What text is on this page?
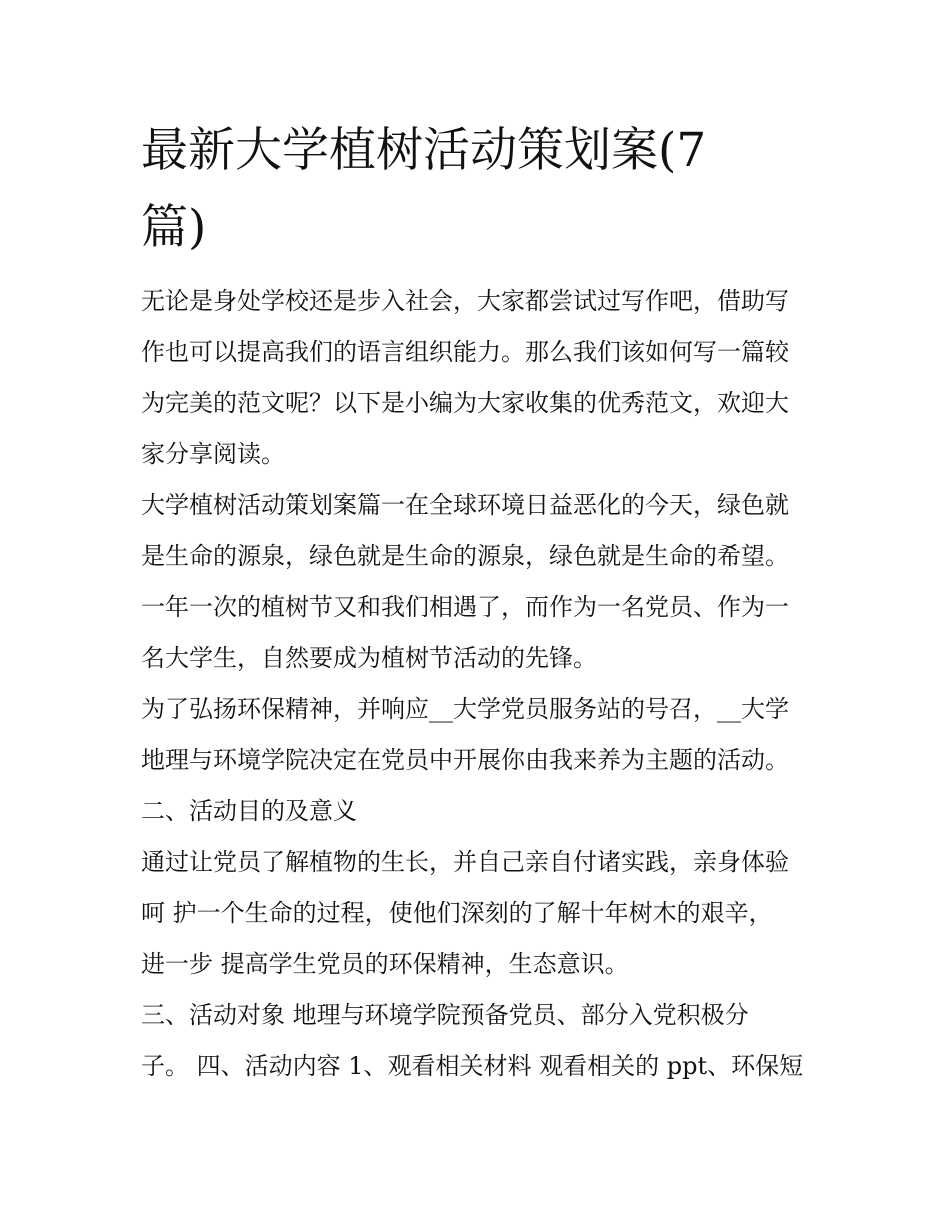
最新大学植树活动策划案(7
篇)

无论是身处学校还是步入社会，大家都尝试过写作吧，借助写
作也可以提高我们的语言组织能力。那么我们该如何写一篇较
为完美的范文呢？以下是小编为大家收集的优秀范文，欢迎大
家分享阅读。

大学植树活动策划案篇一在全球环境日益恶化的今天，绿色就
是生命的源泉，绿色就是生命的源泉，绿色就是生命的希望。
一年一次的植树节又和我们相遇了，而作为一名党员、作为一
名大学生，自然要成为植树节活动的先锋。

为了弘扬环保精神，并响应__大学党员服务站的号召，__大学
地理与环境学院决定在党员中开展你由我来养为主题的活动。

二、活动目的及意义

通过让党员了解植物的生长，并自己亲自付诸实践，亲身体验
呵 护一个生命的过程，使他们深刻的了解十年树木的艰辛，
进一步 提高学生党员的环保精神，生态意识。

三、活动对象 地理与环境学院预备党员、部分入党积极分
子。 四、活动内容 1、观看相关材料 观看相关的 ppt、环保短
